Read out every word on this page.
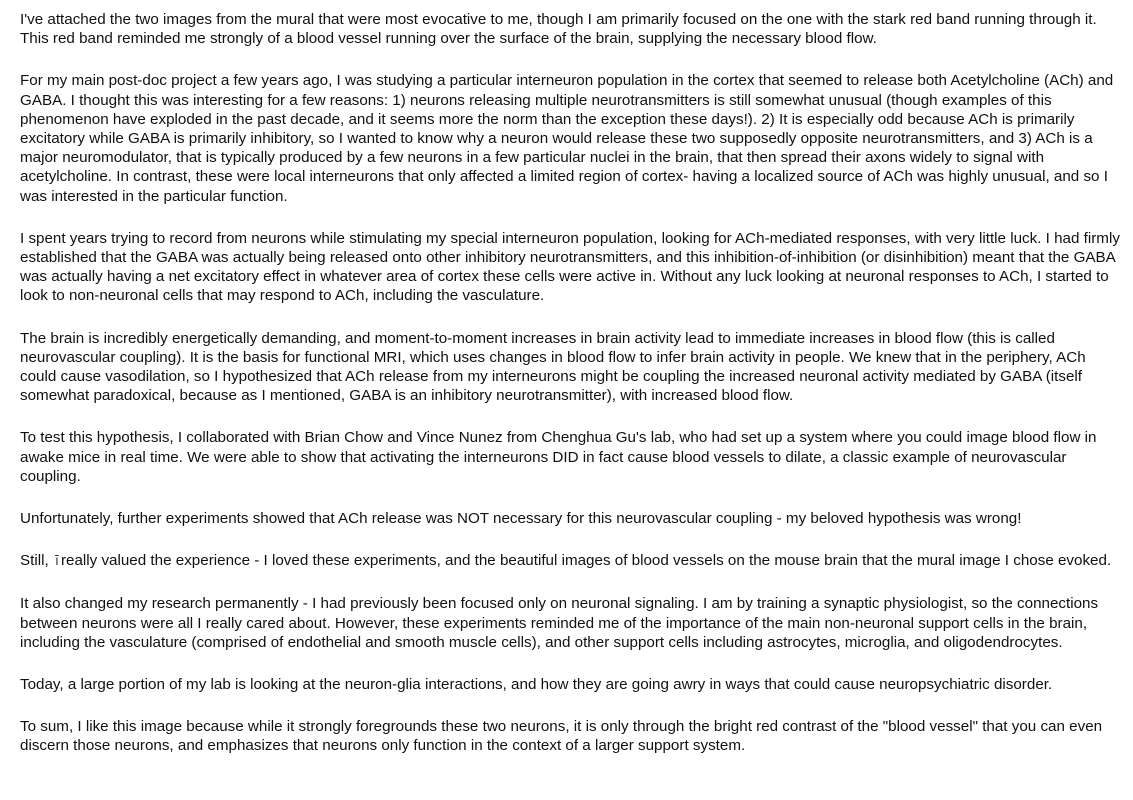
I've attached the two images from the mural that were most evocative to me, though I am primarily focused on the one with the stark red band running through it. This red band reminded me strongly of a blood vessel running over the surface of the brain, supplying the necessary blood flow.

For my main post-doc project a few years ago, I was studying a particular interneuron population in the cortex that seemed to release both Acetylcholine (ACh) and GABA. I thought this was interesting for a few reasons: 1) neurons releasing multiple neurotransmitters is still somewhat unusual (though examples of this phenomenon have exploded in the past decade, and it seems more the norm than the exception these days!). 2) It is especially odd because ACh is primarily excitatory while GABA is primarily inhibitory, so I wanted to know why a neuron would release these two supposedly opposite neurotransmitters, and 3) ACh is a major neuromodulator, that is typically produced by a few neurons in a few particular nuclei in the brain, that then spread their axons widely to signal with acetylcholine. In contrast, these were local interneurons that only affected a limited region of cortex- having a localized source of ACh was highly unusual, and so I was interested in the particular function.

I spent years trying to record from neurons while stimulating my special interneuron population, looking for ACh-mediated responses, with very little luck. I had firmly established that the GABA was actually being released onto other inhibitory neurotransmitters, and this inhibition-of-inhibition (or disinhibition) meant that the GABA was actually having a net excitatory effect in whatever area of cortex these cells were active in. Without any luck looking at neuronal responses to ACh, I started to look to non-neuronal cells that may respond to ACh, including the vasculature.

The brain is incredibly energetically demanding, and moment-to-moment increases in brain activity lead to immediate increases in blood flow (this is called neurovascular coupling). It is the basis for functional MRI, which uses changes in blood flow to infer brain activity in people. We knew that in the periphery, ACh could cause vasodilation, so I hypothesized that ACh release from my interneurons might be coupling the increased neuronal activity mediated by GABA (itself somewhat paradoxical, because as I mentioned, GABA is an inhibitory neurotransmitter), with increased blood flow.

To test this hypothesis, I collaborated with Brian Chow and Vince Nunez from Chenghua Gu's lab, who had set up a system where you could image blood flow in awake mice in real time. We were able to show that activating the interneurons DID in fact cause blood vessels to dilate, a classic example of neurovascular coupling.

Unfortunately, further experiments showed that ACh release was NOT necessary for this neurovascular coupling - my beloved hypothesis was wrong!

Still, ī really valued the experience - I loved these experiments, and the beautiful images of blood vessels on the mouse brain that the mural image I chose evoked.

It also changed my research permanently - I had previously been focused only on neuronal signaling. I am by training a synaptic physiologist, so the connections between neurons were all I really cared about. However, these experiments reminded me of the importance of the main non-neuronal support cells in the brain, including the vasculature (comprised of endothelial and smooth muscle cells), and other support cells including astrocytes, microglia, and oligodendrocytes.

Today, a large portion of my lab is looking at the neuron-glia interactions, and how they are going awry in ways that could cause neuropsychiatric disorder.

To sum, I like this image because while it strongly foregrounds these two neurons, it is only through the bright red contrast of the "blood vessel" that you can even discern those neurons, and emphasizes that neurons only function in the context of a larger support system.
